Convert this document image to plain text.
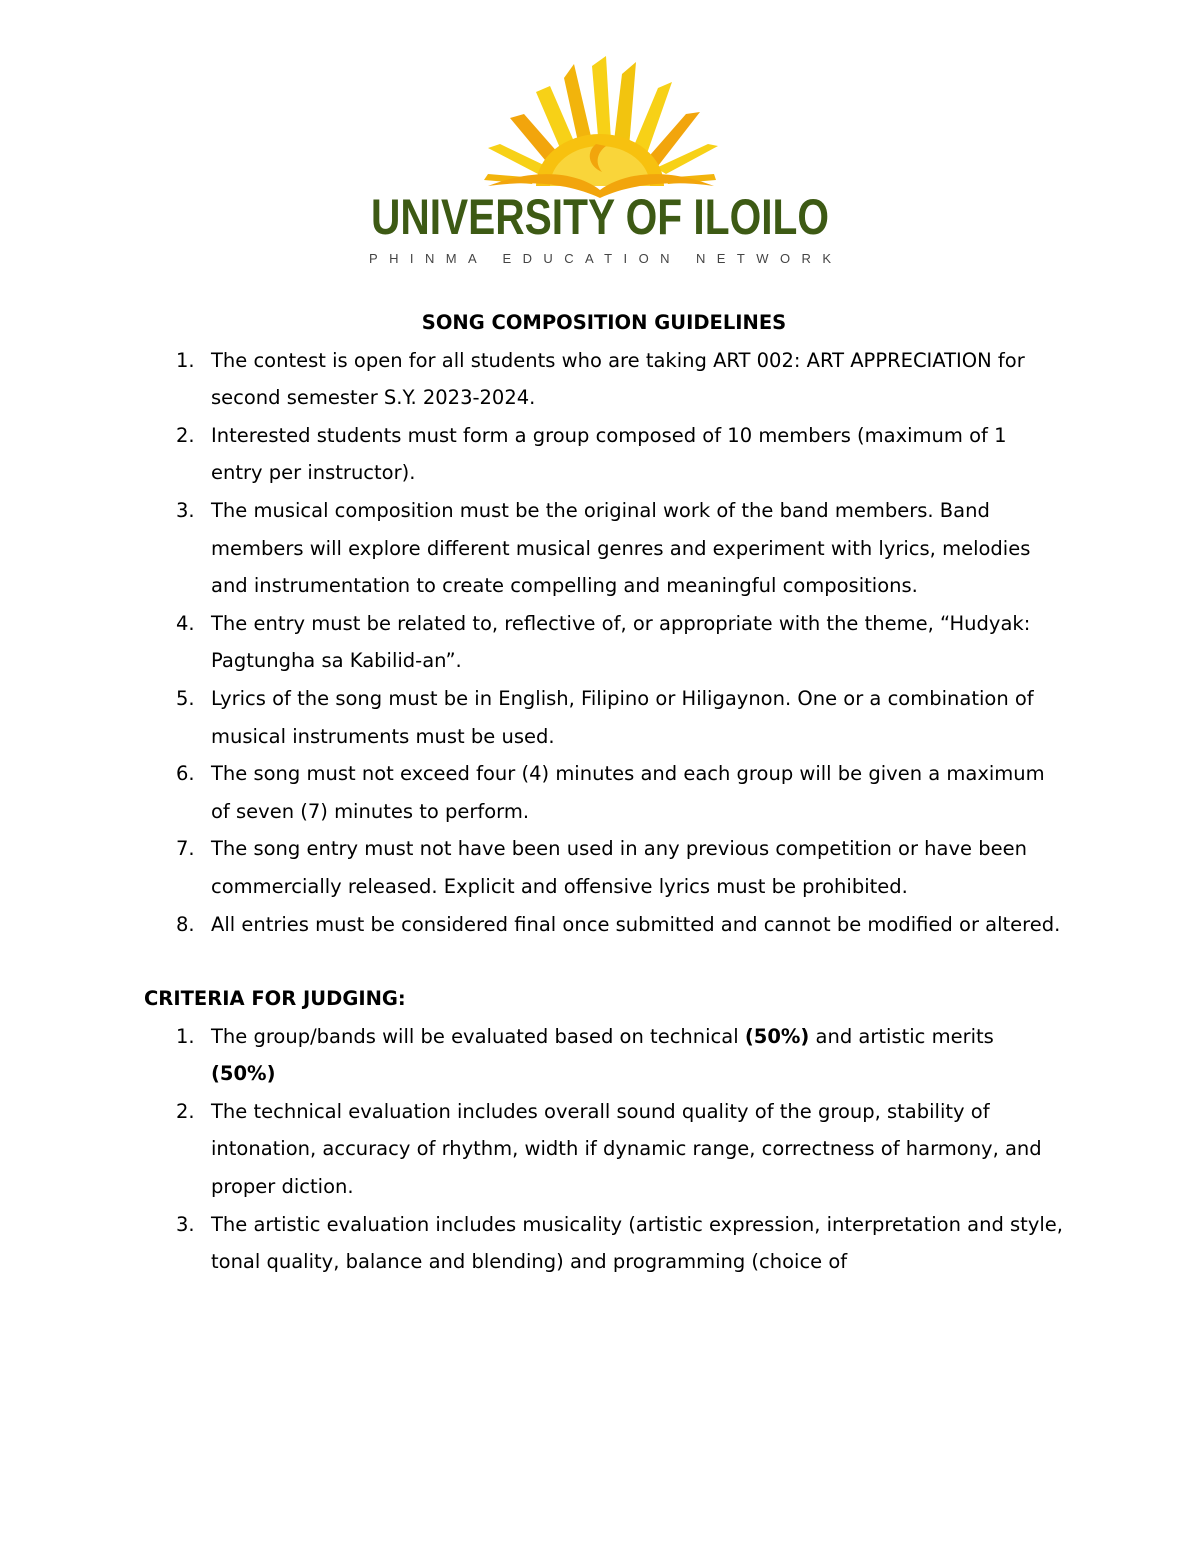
UNIVERSITY OF ILOILO
PHINMA EDUCATION NETWORK

SONG COMPOSITION GUIDELINES

1. The contest is open for all students who are taking ART 002: ART APPRECIATION for second semester S.Y. 2023-2024.
2. Interested students must form a group composed of 10 members (maximum of 1 entry per instructor).
3. The musical composition must be the original work of the band members. Band members will explore different musical genres and experiment with lyrics, melodies and instrumentation to create compelling and meaningful compositions.
4. The entry must be related to, reflective of, or appropriate with the theme, “Hudyak: Pagtungha sa Kabilid-an”.
5. Lyrics of the song must be in English, Filipino or Hiligaynon. One or a combination of musical instruments must be used.
6. The song must not exceed four (4) minutes and each group will be given a maximum of seven (7) minutes to perform.
7. The song entry must not have been used in any previous competition or have been commercially released. Explicit and offensive lyrics must be prohibited.
8. All entries must be considered final once submitted and cannot be modified or altered.

CRITERIA FOR JUDGING:

1. The group/bands will be evaluated based on technical (50%) and artistic merits (50%)
2. The technical evaluation includes overall sound quality of the group, stability of intonation, accuracy of rhythm, width if dynamic range, correctness of harmony, and proper diction.
3. The artistic evaluation includes musicality (artistic expression, interpretation and style, tonal quality, balance and blending) and programming (choice of
